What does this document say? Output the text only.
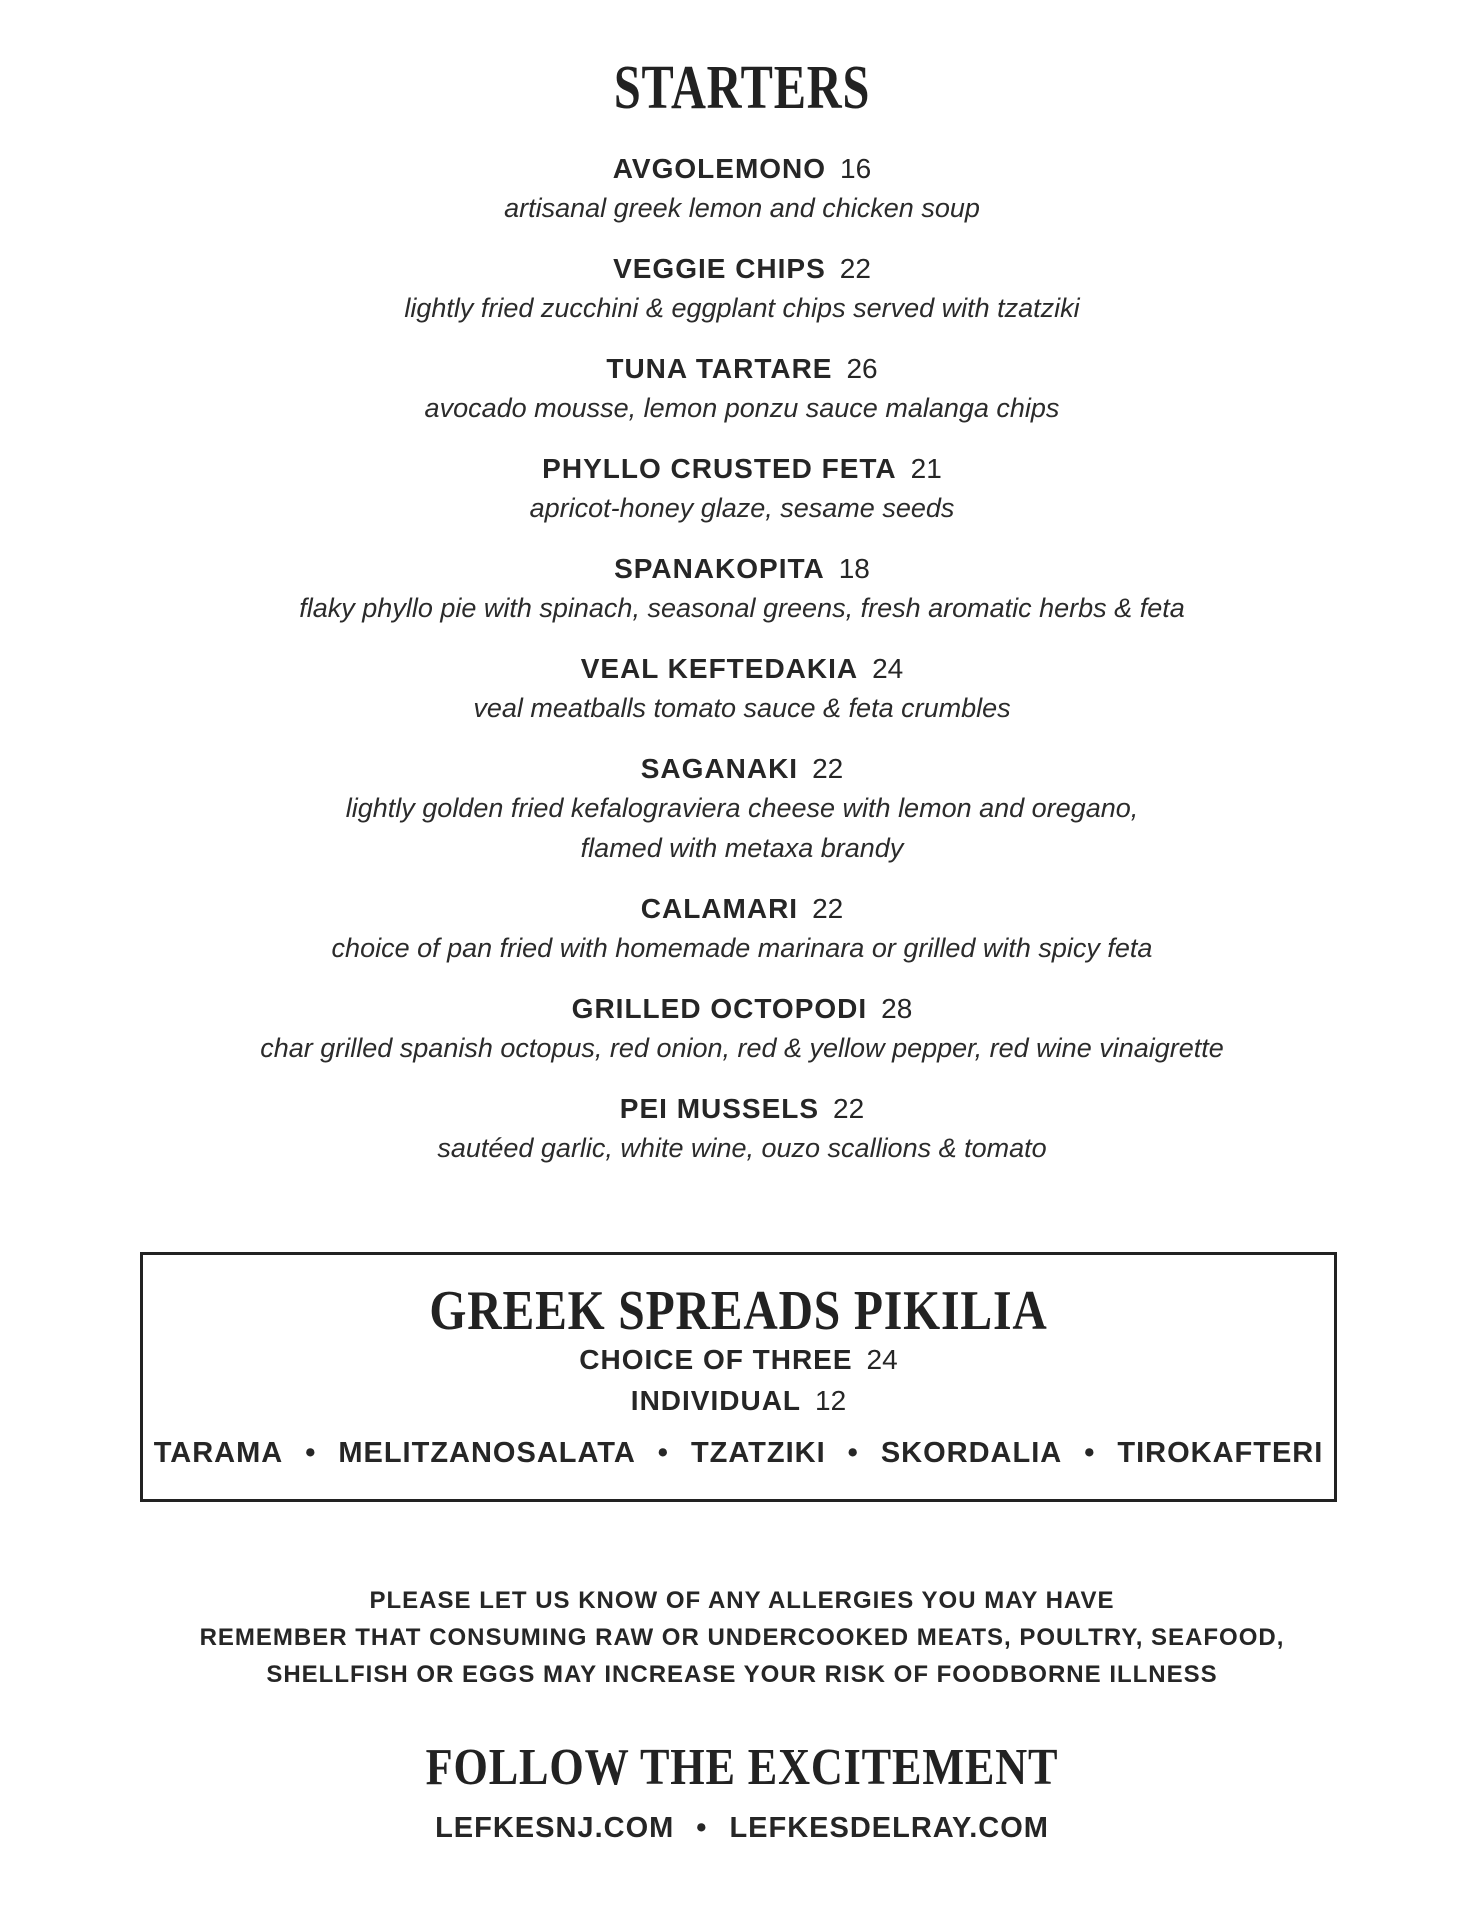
STARTERS
AVGOLEMONO 16
artisanal greek lemon and chicken soup
VEGGIE CHIPS 22
lightly fried zucchini & eggplant chips served with tzatziki
TUNA TARTARE 26
avocado mousse, lemon ponzu sauce malanga chips
PHYLLO CRUSTED FETA 21
apricot-honey glaze, sesame seeds
SPANAKOPITA 18
flaky phyllo pie with spinach, seasonal greens, fresh aromatic herbs & feta
VEAL KEFTEDAKIA 24
veal meatballs tomato sauce & feta crumbles
SAGANAKI 22
lightly golden fried kefalograviera cheese with lemon and oregano,
flamed with metaxa brandy
CALAMARI 22
choice of pan fried with homemade marinara or grilled with spicy feta
GRILLED OCTOPODI 28
char grilled spanish octopus, red onion, red & yellow pepper, red wine vinaigrette
PEI MUSSELS 22
sautéed garlic, white wine, ouzo scallions & tomato
GREEK SPREADS PIKILIA
CHOICE OF THREE 24
INDIVIDUAL 12
TARAMA • MELITZANOSALATA • TZATZIKI • SKORDALIA • TIROKAFTERI
PLEASE LET US KNOW OF ANY ALLERGIES YOU MAY HAVE
REMEMBER THAT CONSUMING RAW OR UNDERCOOKED MEATS, POULTRY, SEAFOOD,
SHELLFISH OR EGGS MAY INCREASE YOUR RISK OF FOODBORNE ILLNESS
FOLLOW THE EXCITEMENT
LEFKESNJ.COM • LEFKESDELRAY.COM
